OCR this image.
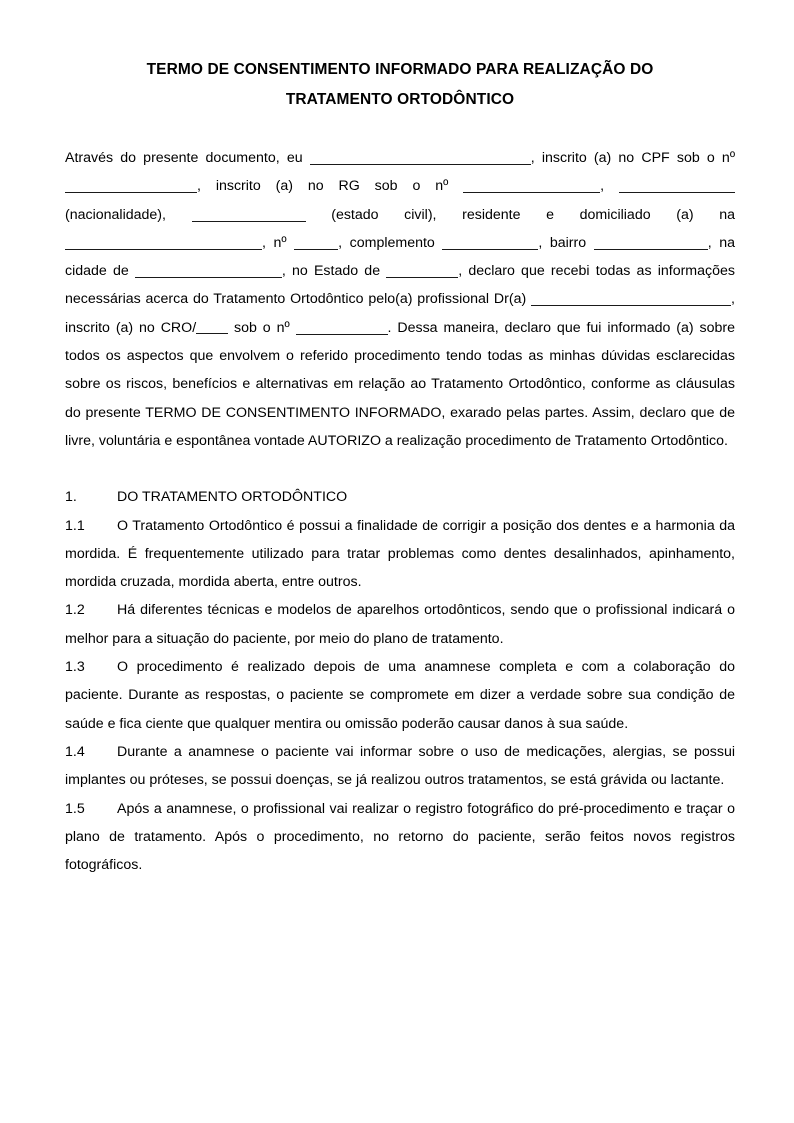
TERMO DE CONSENTIMENTO INFORMADO PARA REALIZAÇÃO DO
TRATAMENTO ORTODÔNTICO

Através do presente documento, eu	, inscrito (a) no CPF sob o nº , inscrito (a) no RG sob o nº	,  (nacionalidade),	(estado civil), residente e domiciliado (a) na , nº	, complemento	, bairro	, na cidade de	, no Estado de	, declaro que recebi todas as informações necessárias acerca do Tratamento Ortodôntico pelo(a) profissional Dr(a)	, inscrito (a) no CRO/ sob o nº	. Dessa maneira, declaro que fui informado (a) sobre todos os aspectos que envolvem o referido procedimento tendo todas as minhas dúvidas esclarecidas sobre os riscos, benefícios e alternativas em relação ao Tratamento Ortodôntico, conforme as cláusulas do presente TERMO DE CONSENTIMENTO INFORMADO, exarado pelas partes. Assim, declaro que de livre, voluntária e espontânea vontade AUTORIZO a realização procedimento de Tratamento Ortodôntico.

1.	DO TRATAMENTO ORTODÔNTICO

1.1 O Tratamento Ortodôntico é possui a finalidade de corrigir a posição dos dentes e a harmonia da mordida. É frequentemente utilizado para tratar problemas como dentes desalinhados, apinhamento, mordida cruzada, mordida aberta, entre outros.

1.2 Há diferentes técnicas e modelos de aparelhos ortodônticos, sendo que o profissional indicará o melhor para a situação do paciente, por meio do plano de tratamento.

1.3 O procedimento é realizado depois de uma anamnese completa e com a colaboração do paciente. Durante as respostas, o paciente se compromete em dizer a verdade sobre sua condição de saúde e fica ciente que qualquer mentira ou omissão poderão causar danos à sua saúde.

1.4 Durante a anamnese o paciente vai informar sobre o uso de medicações, alergias, se possui implantes ou próteses, se possui doenças, se já realizou outros tratamentos, se está grávida ou lactante.

1.5 Após a anamnese, o profissional vai realizar o registro fotográfico do pré-procedimento e traçar o plano de tratamento. Após o procedimento, no retorno do paciente, serão feitos novos registros fotográficos.
